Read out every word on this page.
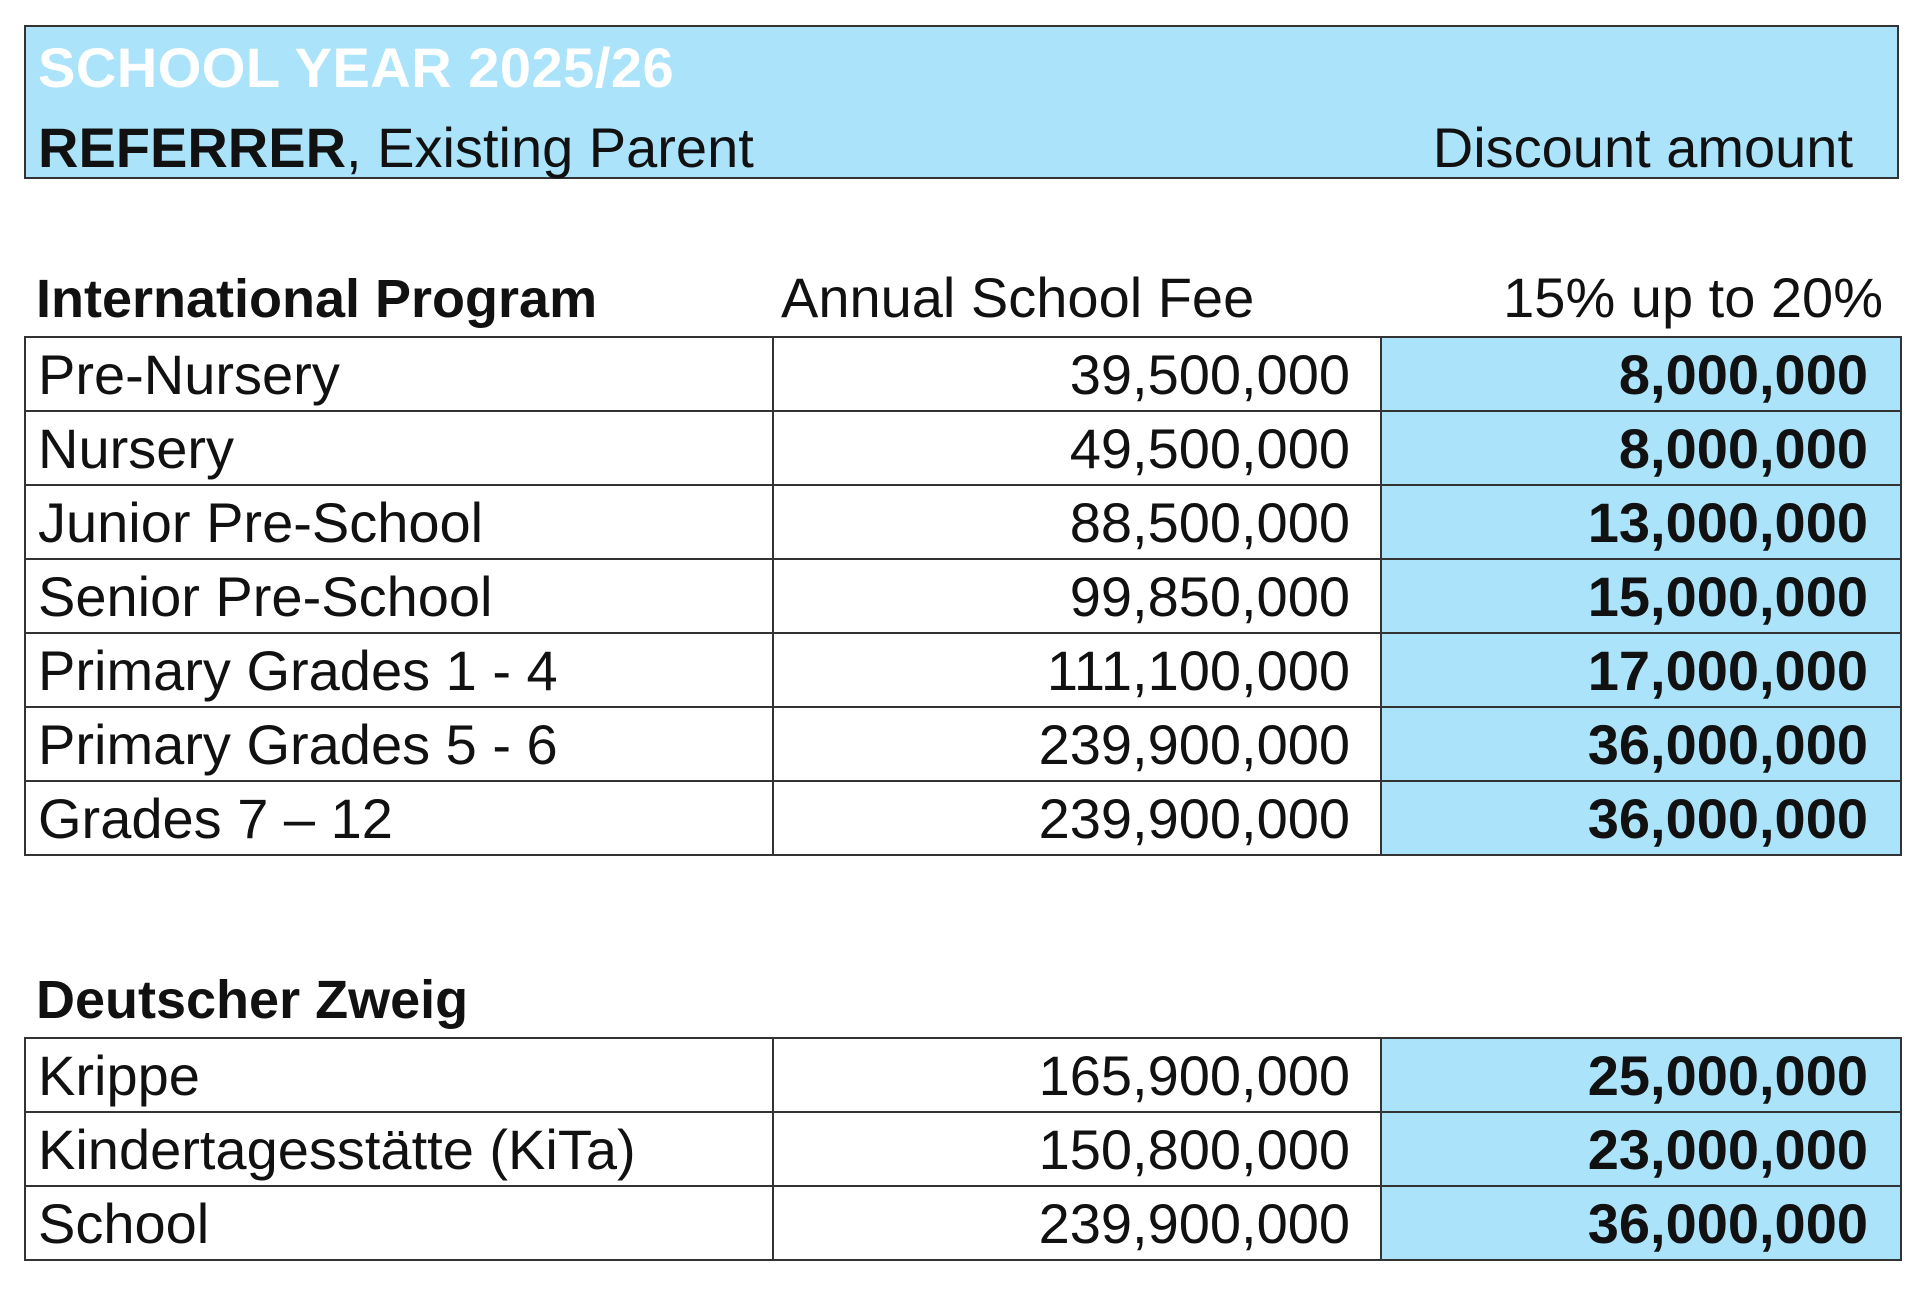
SCHOOL YEAR 2025/26
REFERRER, Existing Parent	Discount amount
International Program	Annual School Fee	15% up to 20%
Pre-Nursery	39,500,000	8,000,000
Nursery	49,500,000	8,000,000
Junior Pre-School	88,500,000	13,000,000
Senior Pre-School	99,850,000	15,000,000
Primary Grades 1 - 4	111,100,000	17,000,000
Primary Grades 5 - 6	239,900,000	36,000,000
Grades 7 – 12	239,900,000	36,000,000
Deutscher Zweig
Krippe	165,900,000	25,000,000
Kindertagesstätte (KiTa)	150,800,000	23,000,000
School	239,900,000	36,000,000
